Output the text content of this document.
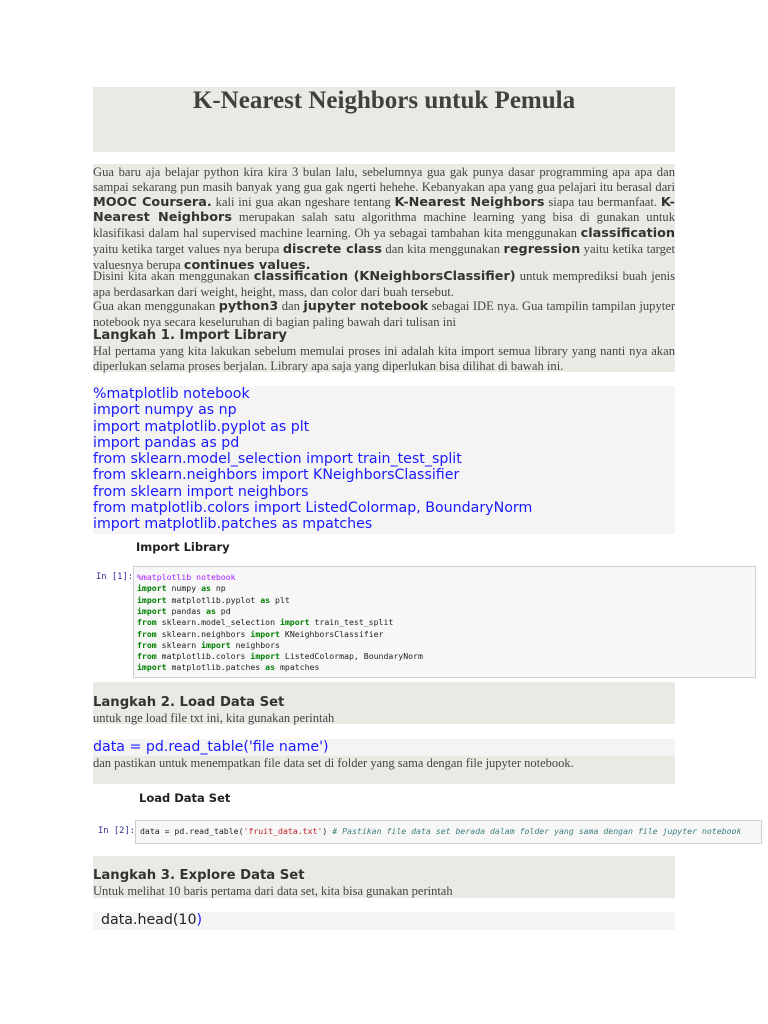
K-Nearest Neighbors untuk Pemula
Gua baru aja belajar python kira kira 3 bulan lalu, sebelumnya gua gak punya dasar programming apa apa dan sampai sekarang pun masih banyak yang gua gak ngerti hehehe. Kebanyakan apa yang gua pelajari itu berasal dari MOOC Coursera. kali ini gua akan ngeshare tentang K-Nearest Neighbors siapa tau bermanfaat. K-Nearest Neighbors merupakan salah satu algorithma machine learning yang bisa di gunakan untuk klasifikasi dalam hal supervised machine learning. Oh ya sebagai tambahan kita menggunakan classification yaitu ketika target values nya berupa discrete class dan kita menggunakan regression yaitu ketika target valuesnya berupa continues values.
Disini kita akan menggunakan classification (KNeighborsClassifier) untuk memprediksi buah jenis apa berdasarkan dari weight, height, mass, dan color dari buah tersebut.
Gua akan menggunakan python3 dan jupyter notebook sebagai IDE nya. Gua tampilin tampilan jupyter notebook nya secara keseluruhan di bagian paling bawah dari tulisan ini
Langkah 1. Import Library
Hal pertama yang kita lakukan sebelum memulai proses ini adalah kita import semua library yang nanti nya akan diperlukan selama proses berjalan. Library apa saja yang diperlukan bisa dilihat di bawah ini.
%matplotlib notebook
import numpy as np
import matplotlib.pyplot as plt
import pandas as pd
from sklearn.model_selection import train_test_split
from sklearn.neighbors import KNeighborsClassifier
from sklearn import neighbors
from matplotlib.colors import ListedColormap, BoundaryNorm
import matplotlib.patches as mpatches
Import Library
In [1]: %matplotlib notebook
import numpy as np
import matplotlib.pyplot as plt
import pandas as pd
from sklearn.model_selection import train_test_split
from sklearn.neighbors import KNeighborsClassifier
from sklearn import neighbors
from matplotlib.colors import ListedColormap, BoundaryNorm
import matplotlib.patches as mpatches
Langkah 2. Load Data Set
untuk nge load file txt ini, kita gunakan perintah
data = pd.read_table('file name')
dan pastikan untuk menempatkan file data set di folder yang sama dengan file jupyter notebook.
Load Data Set
In [2]: data = pd.read_table('fruit_data.txt') # Pastikan file data set berada dalam folder yang sama dengan file jupyter notebook
Langkah 3. Explore Data Set
Untuk melihat 10 baris pertama dari data set, kita bisa gunakan perintah
data.head(10)
